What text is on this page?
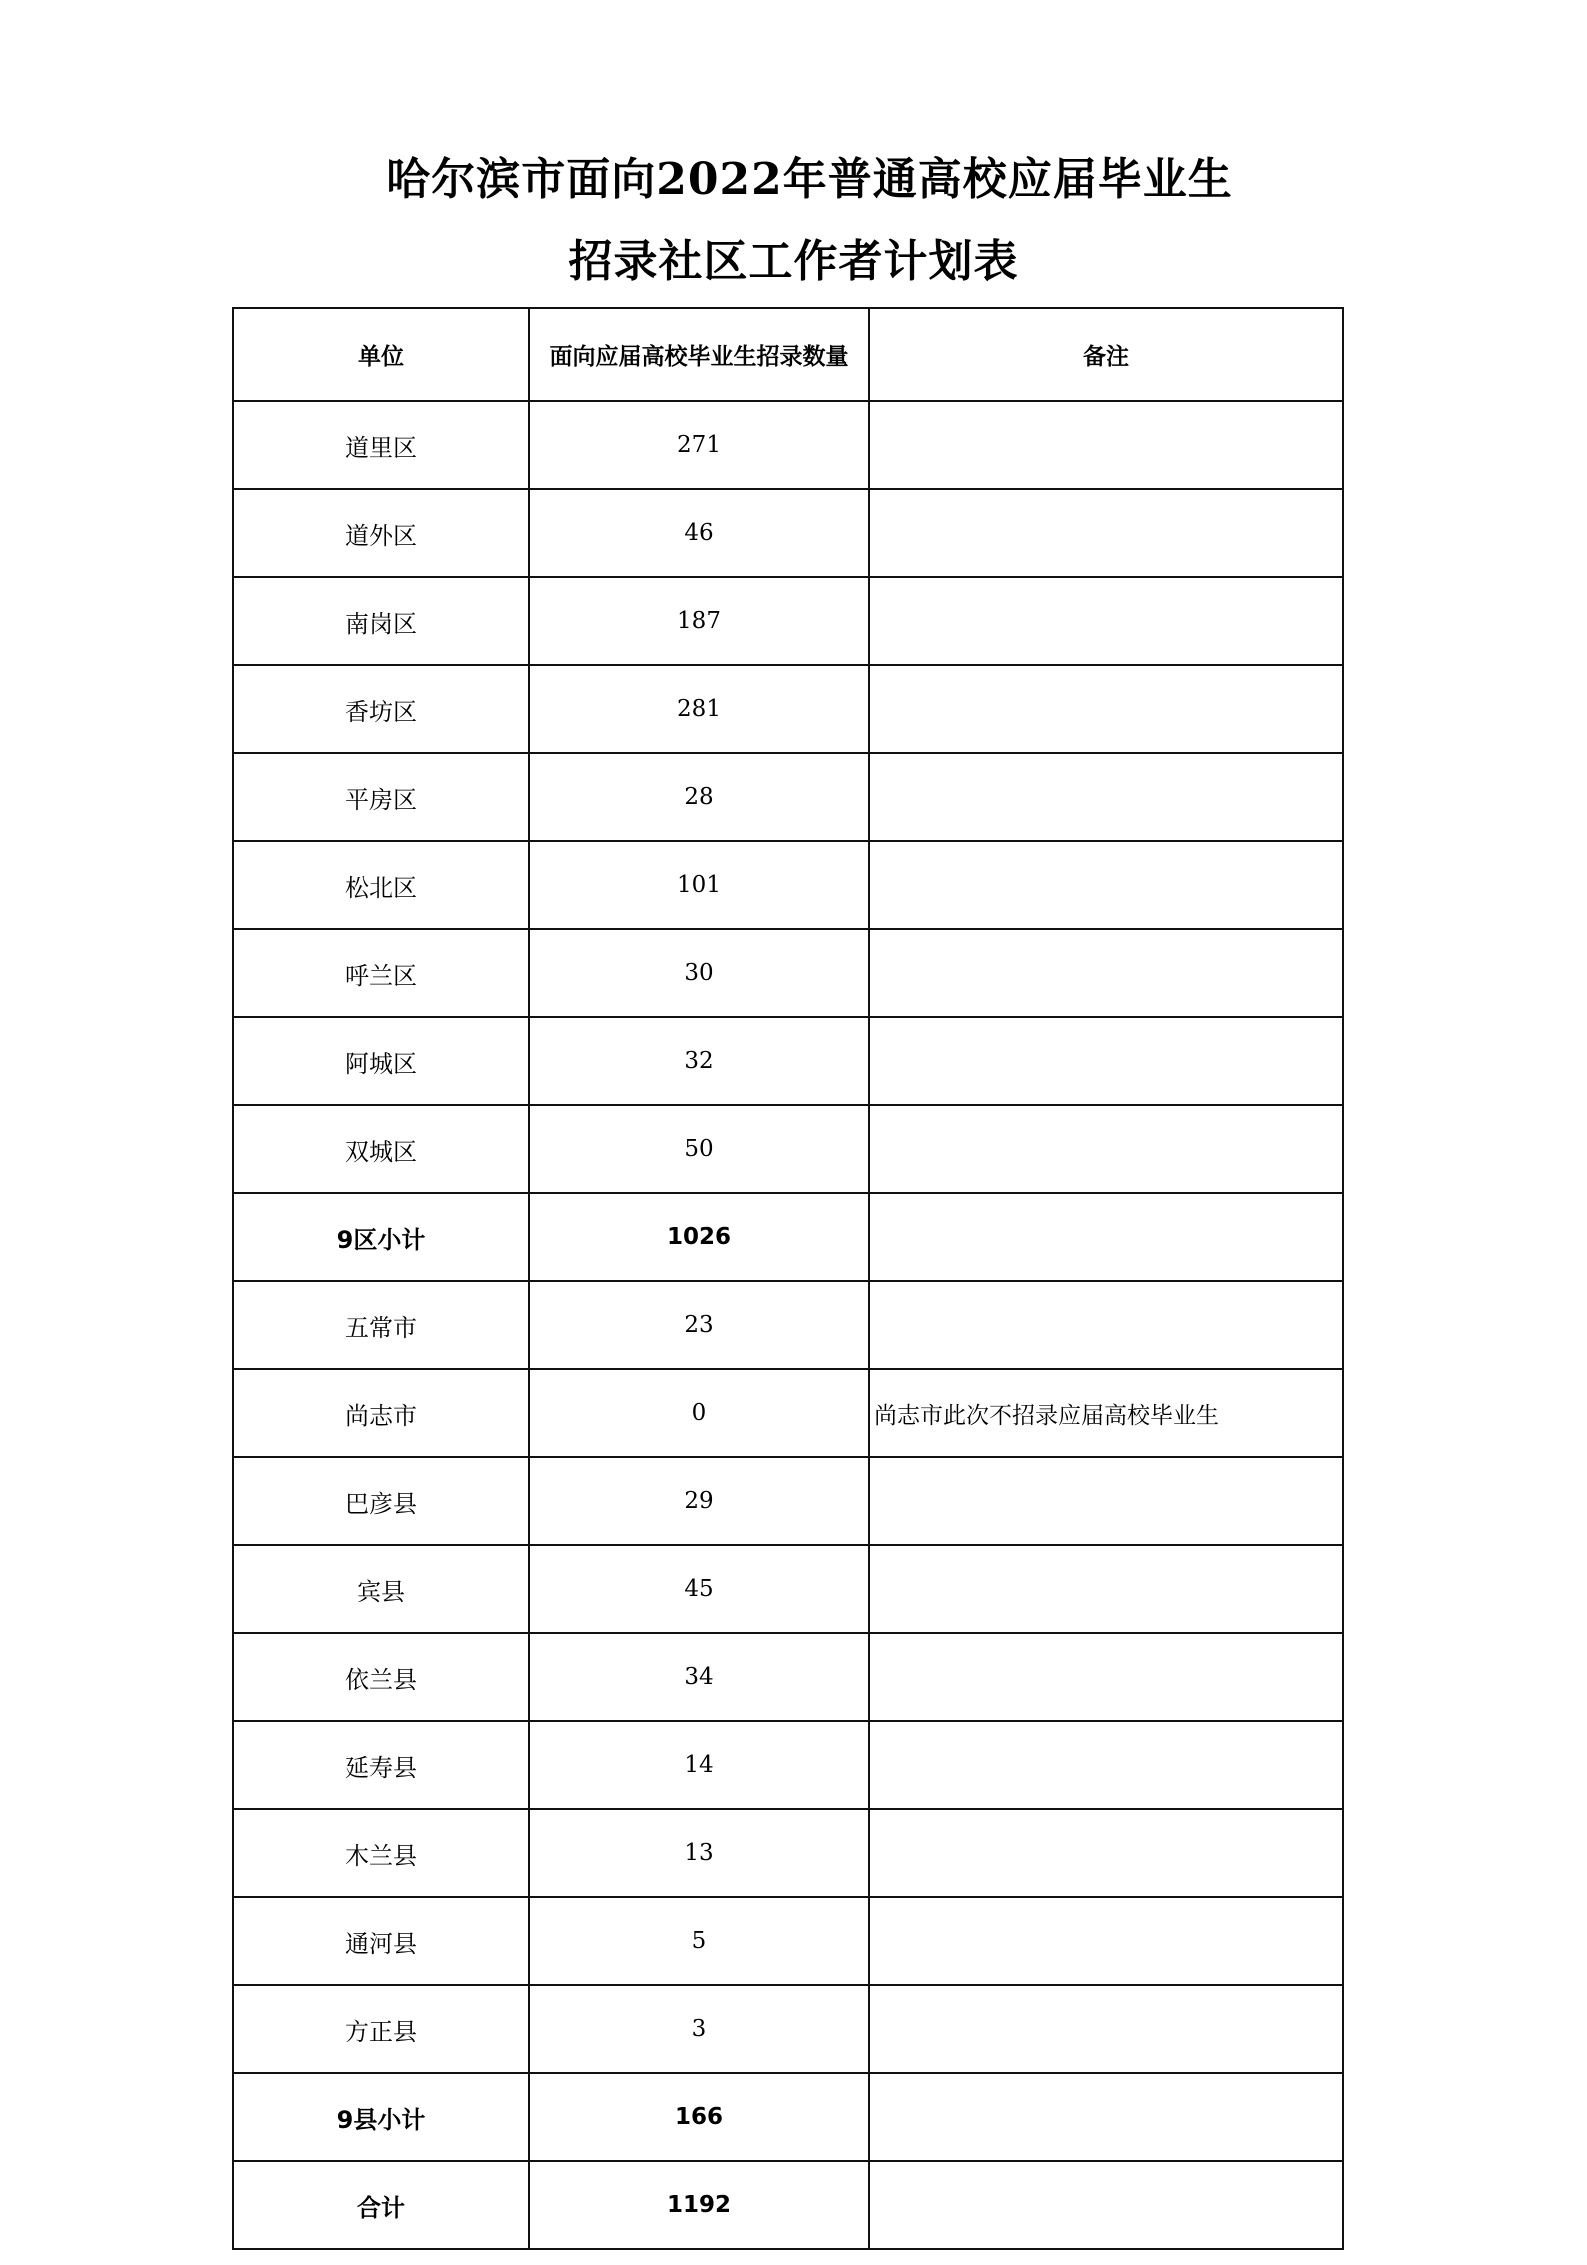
哈尔滨市面向2022年普通高校应届毕业生
招录社区工作者计划表
单位	面向应届高校毕业生招录数量	备注
道里区	271	
道外区	46	
南岗区	187	
香坊区	281	
平房区	28	
松北区	101	
呼兰区	30	
阿城区	32	
双城区	50	
9区小计	1026	
五常市	23	
尚志市	0	尚志市此次不招录应届高校毕业生
巴彦县	29	
宾县	45	
依兰县	34	
延寿县	14	
木兰县	13	
通河县	5	
方正县	3	
9县小计	166	
合计	1192	
